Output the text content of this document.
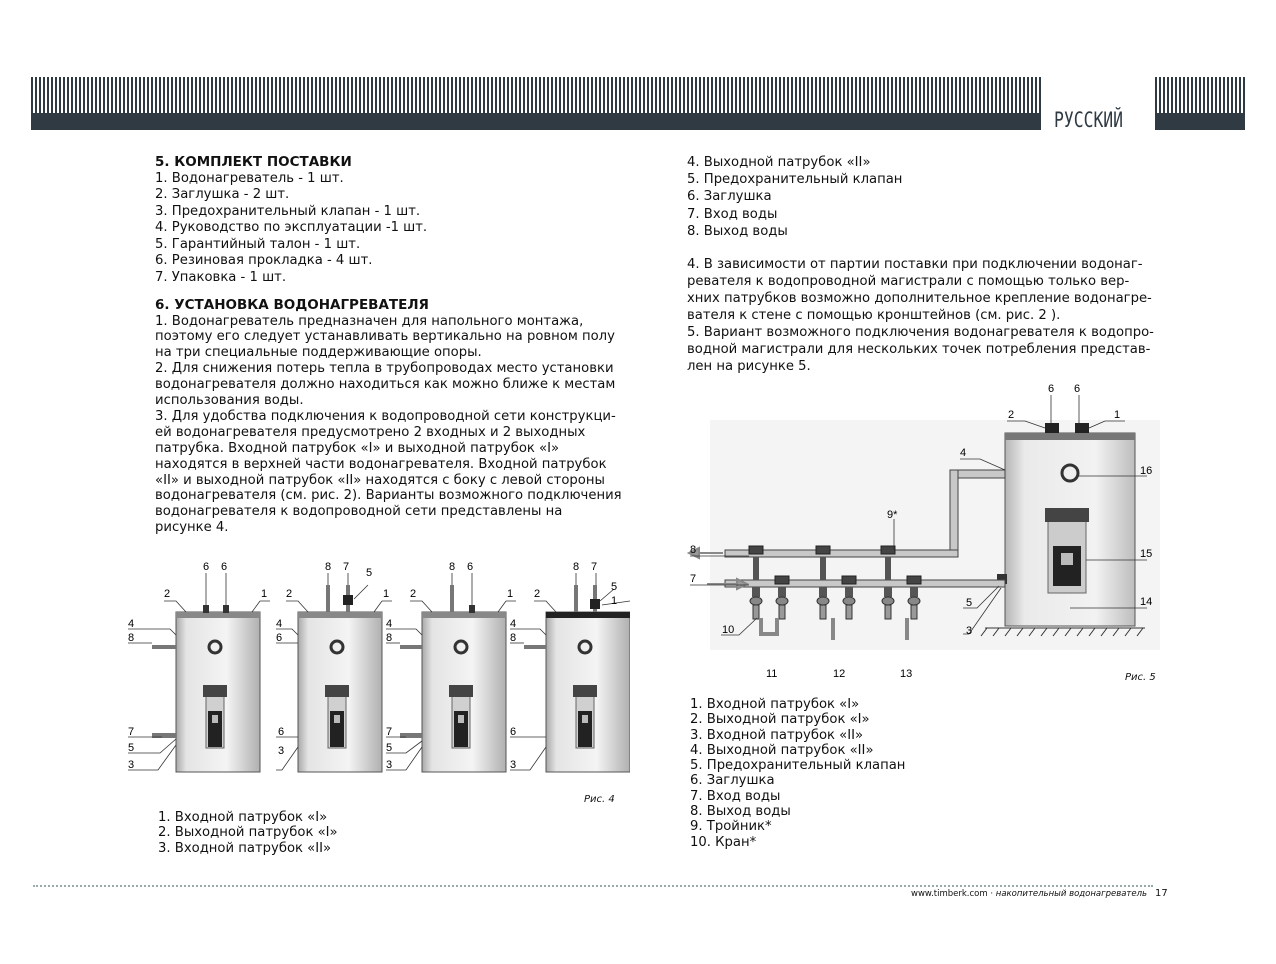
РУССКИЙ

5. КОМПЛЕКТ ПОСТАВКИ

1. Водонагреватель - 1 шт.

2. Заглушка - 2 шт.

3. Предохранительный клапан - 1 шт.

4. Руководство по эксплуатации -1 шт.

5. Гарантийный талон - 1 шт.

6. Резиновая прокладка - 4 шт.

7. Упаковка - 1 шт.

6. УСТАНОВКА ВОДОНАГРЕВАТЕЛЯ

1. Водонагреватель предназначен для напольного монтажа,

поэтому его следует устанавливать вертикально на ровном полу

на три специальные поддерживающие опоры.

2. Для снижения потерь тепла в трубопроводах место установки

водонагревателя должно находиться как можно ближе к местам

использования воды.

3. Для удобства подключения к водопроводной сети конструкци-

ей водонагревателя предусмотрено 2 входных и 2 выходных

патрубка. Входной патрубок «I» и выходной патрубок «I»

находятся в верхней части водонагревателя. Входной патрубок

«II» и выходной патрубок «II» находятся с боку с левой стороны

водонагревателя (см. рис. 2). Варианты возможного подключения

водонагревателя к водопроводной сети представлены на

рисунке 4.

6 6
2	1
4
8
7
5
3
8 7 5
2	1
4
6
6
3
8 6
2	1
4
8
7
5
3
8 7
5
2
1
4
8
6
3
Рис. 4

1. Входной патрубок «I»

2. Выходной патрубок «I»

3. Входной патрубок «II»

4. Выходной патрубок «II»

5. Предохранительный клапан

6. Заглушка

7. Вход воды

8. Выход воды

4. В зависимости от партии поставки при подключении водонаг-

ревателя к водопроводной магистрали с помощью только вер-

хних патрубков возможно дополнительное крепление водонагре-

вателя к стене с помощью кронштейнов (см. рис. 2 ).

5. Вариант возможного подключения водонагревателя к водопро-

водной магистрали для нескольких точек потребления представ-

лен на рисунке 5.

6 6
2	1
4
16
9*
8	15
7
14
5
3
10
11	12	13	Рис. 5

1. Входной патрубок «I»

2. Выходной патрубок «I»

3. Входной патрубок «II»

4. Выходной патрубок «II»

5. Предохранительный клапан

6. Заглушка

7. Вход воды

8. Выход воды

9. Тройник*

10. Кран*

www.timberk.com · накопительный водонагреватель 17
